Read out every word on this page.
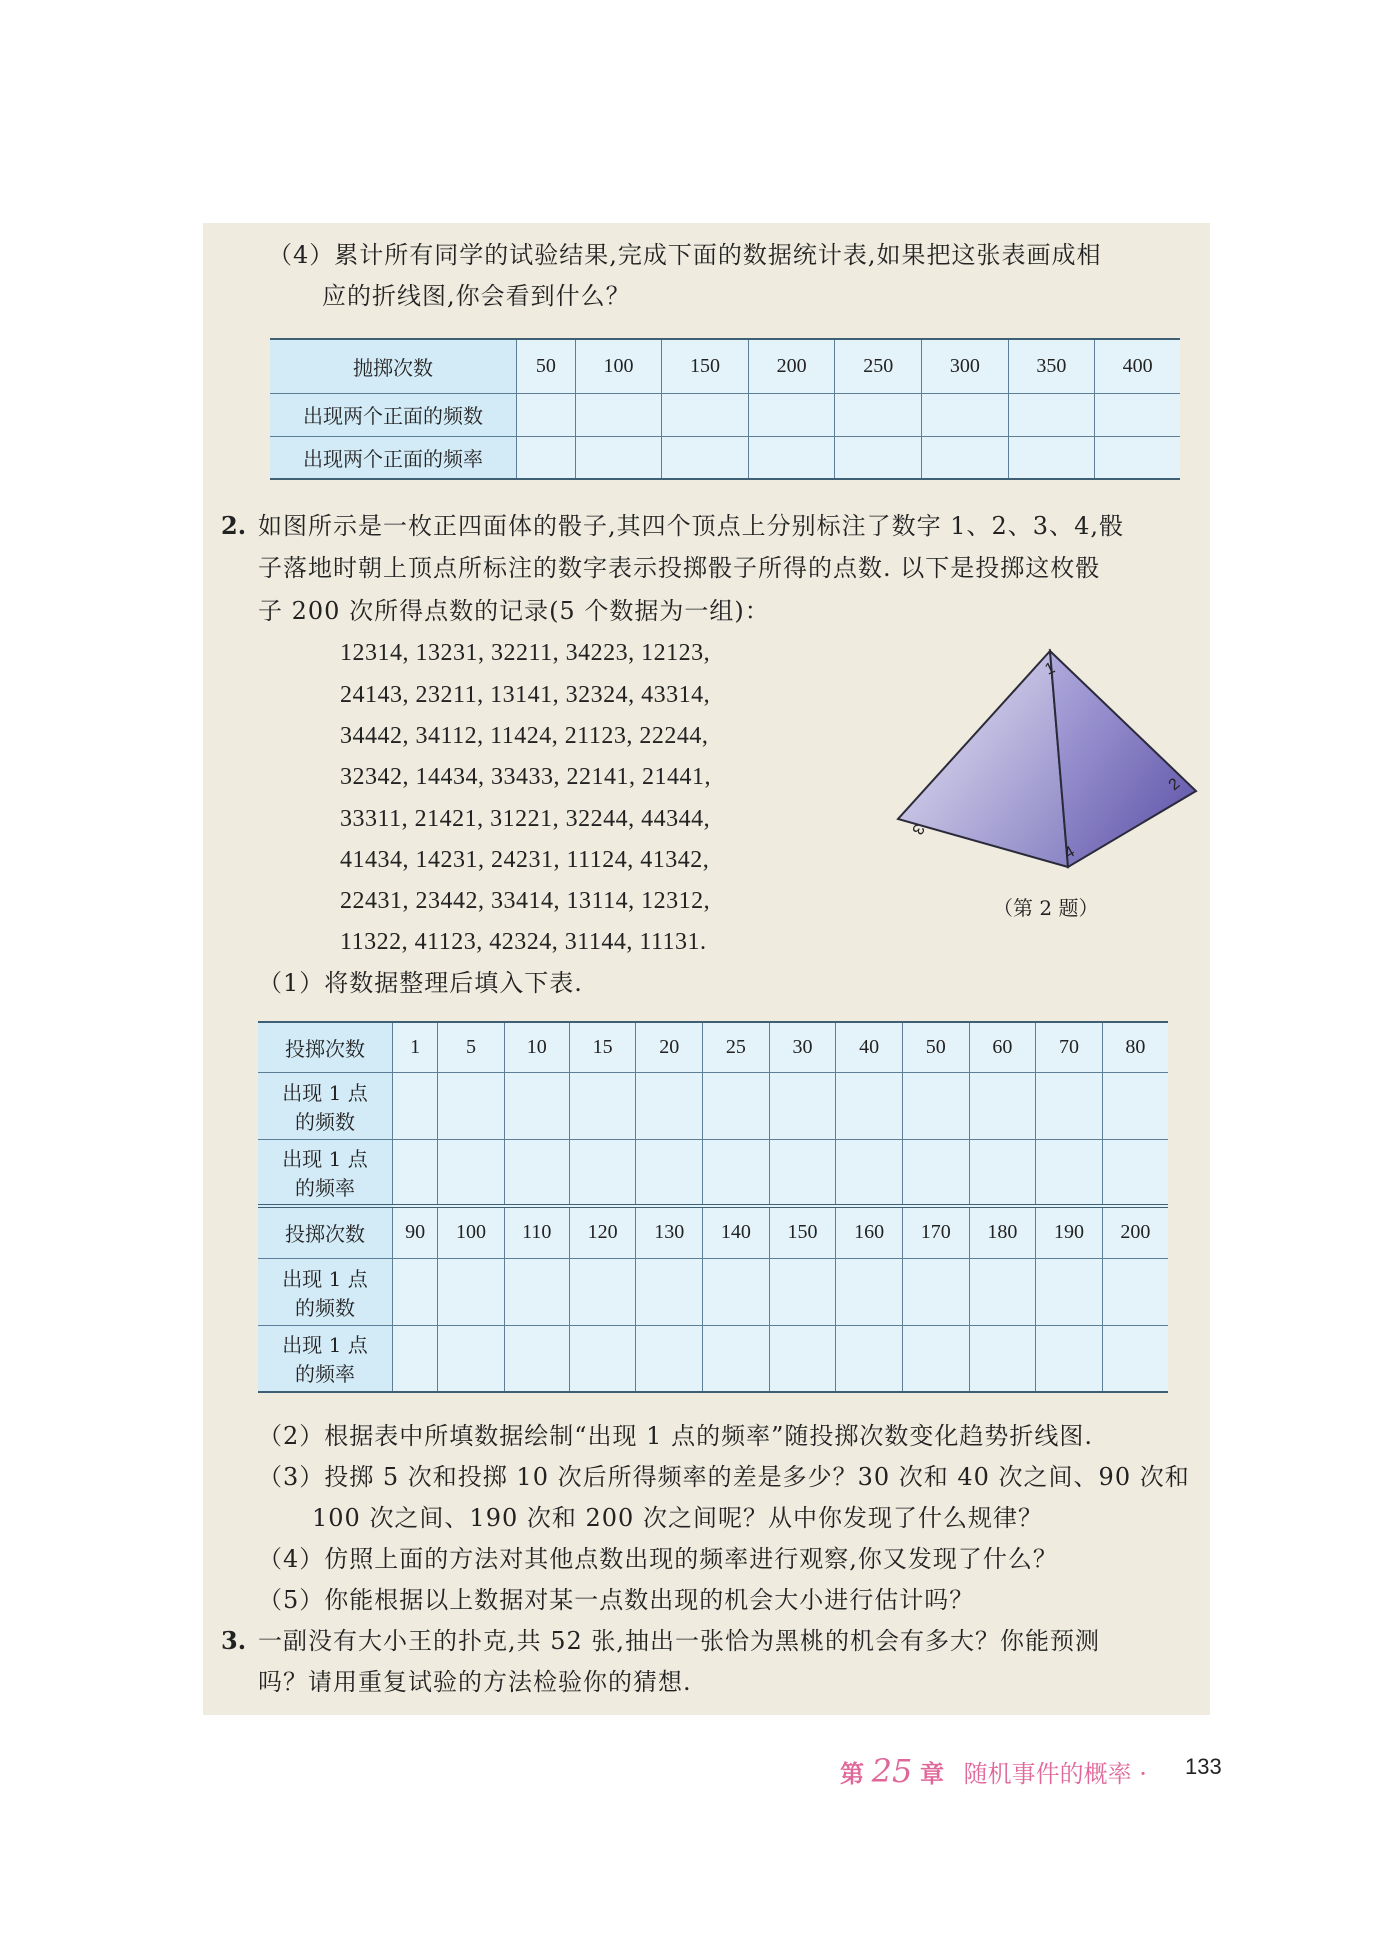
（4）累计所有同学的试验结果,完成下面的数据统计表,如果把这张表画成相
应的折线图,你会看到什么？
抛掷次数	50	100	150	200	250	300	350	400
出现两个正面的频数								
出现两个正面的频率								
2. 如图所示是一枚正四面体的骰子,其四个顶点上分别标注了数字 1、2、3、4,骰
子落地时朝上顶点所标注的数字表示投掷骰子所得的点数. 以下是投掷这枚骰
子 200 次所得点数的记录(5 个数据为一组)：
12314, 13231, 32211, 34223, 12123,
24143, 23211, 13141, 32324, 43314,
34442, 34112, 11424, 21123, 22244,
32342, 14434, 33433, 22141, 21441,
33311, 21421, 31221, 32244, 44344,
41434, 14231, 24231, 11124, 41342,
22431, 23442, 33414, 13114, 12312,
11322, 41123, 42324, 31144, 11131.
1
2
3
4
（第 2 题）
（1）将数据整理后填入下表.
投掷次数	1	5	10	15	20	25	30	40	50	60	70	80
出现 1 点
的频数												
出现 1 点
的频率												
投掷次数	90	100	110	120	130	140	150	160	170	180	190	200
出现 1 点
的频数												
出现 1 点
的频率												
（2）根据表中所填数据绘制“出现 1 点的频率”随投掷次数变化趋势折线图.
（3）投掷 5 次和投掷 10 次后所得频率的差是多少？30 次和 40 次之间、90 次和
100 次之间、190 次和 200 次之间呢？从中你发现了什么规律？
（4）仿照上面的方法对其他点数出现的频率进行观察,你又发现了什么？
（5）你能根据以上数据对某一点数出现的机会大小进行估计吗？
3. 一副没有大小王的扑克,共 52 张,抽出一张恰为黑桃的机会有多大？你能预测
吗？请用重复试验的方法检验你的猜想.
第 25 章 随机事件的概率 · 133
